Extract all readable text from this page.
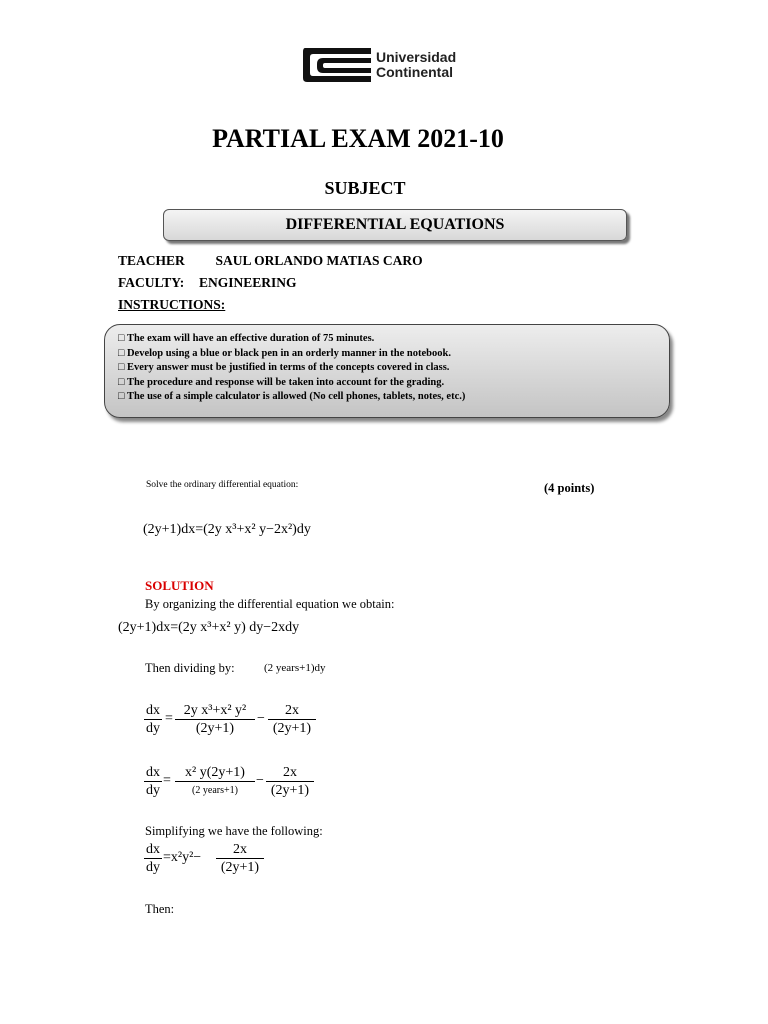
Universidad
Continental
PARTIAL EXAM 2021-10
SUBJECT
DIFFERENTIAL EQUATIONS
TEACHER SAUL ORLANDO MATIAS CARO
FACULTY: ENGINEERING
INSTRUCTIONS:
□ The exam will have an effective duration of 75 minutes.
□ Develop using a blue or black pen in an orderly manner in the notebook.
□ Every answer must be justified in terms of the concepts covered in class.
□ The procedure and response will be taken into account for the grading.
□ The use of a simple calculator is allowed (No cell phones, tablets, notes, etc.)
Solve the ordinary differential equation:	(4 points)
(2y+1)dx=(2y x³+x² y−2x²)dy
SOLUTION
By organizing the differential equation we obtain:
(2y+1)dx=(2y x³+x² y) dy−2xdy
Then dividing by:	(2 years+1)dy
$\frac{dx}{dy} = \frac{\text{2y x³+x² y²}}{(2y+1)} - \frac{2x}{(2y+1)}$
$\frac{dx}{dy}$ =
x² y(2y+1)
(2 years+1)
− $\frac{2x}{(2y+1)}$
Simplifying we have the following:
$\frac{dx}{dy} =x^2y^2- \frac{2x}{(2y+1)}$
Then:
